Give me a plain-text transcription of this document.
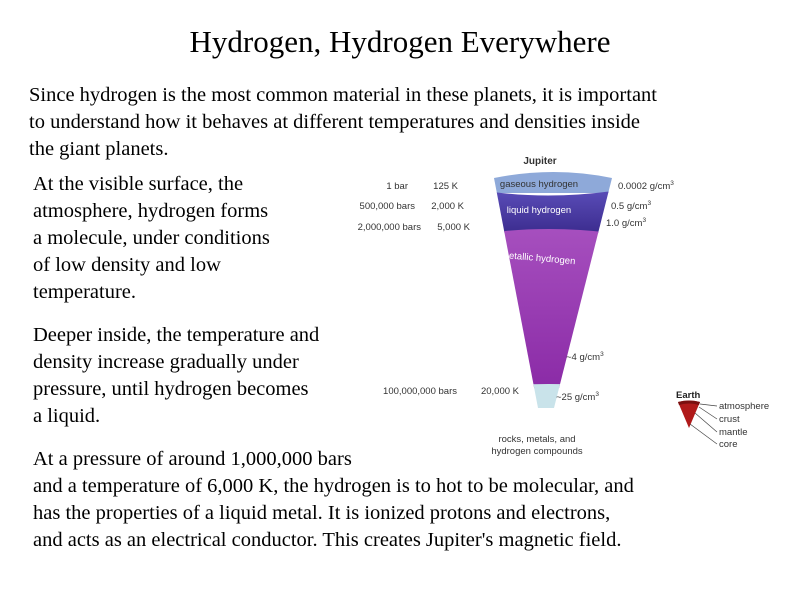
Hydrogen, Hydrogen Everywhere

Since hydrogen is the most common material in these planets, it is important
to understand how it behaves at different temperatures and densities inside
the giant planets.

At the visible surface, the
atmosphere, hydrogen forms
a molecule, under conditions
of low density and low
temperature.

Deeper inside, the temperature and
density increase gradually under
pressure, until hydrogen becomes
a liquid.

At a pressure of around 1,000,000 bars
and a temperature of 6,000 K, the hydrogen is to hot to be molecular, and
has the properties of a liquid metal. It is ionized protons and electrons,
and acts as an electrical conductor. This creates Jupiter's magnetic field.

Jupiter
gaseous hydrogen
liquid hydrogen
metallic hydrogen
1 bar	125 K
500,000 bars 2,000 K
2,000,000 bars 5,000 K
100,000,000 bars	20,000 K
0.0002 $g/cm^3$
0.5 $g/cm^3$
1.0 $g/cm^3$
~4 $g/cm^3$
~25 $g/cm^3$
rocks, metals, and
hydrogen compounds
Earth
atmosphere
crust
mantle
core
